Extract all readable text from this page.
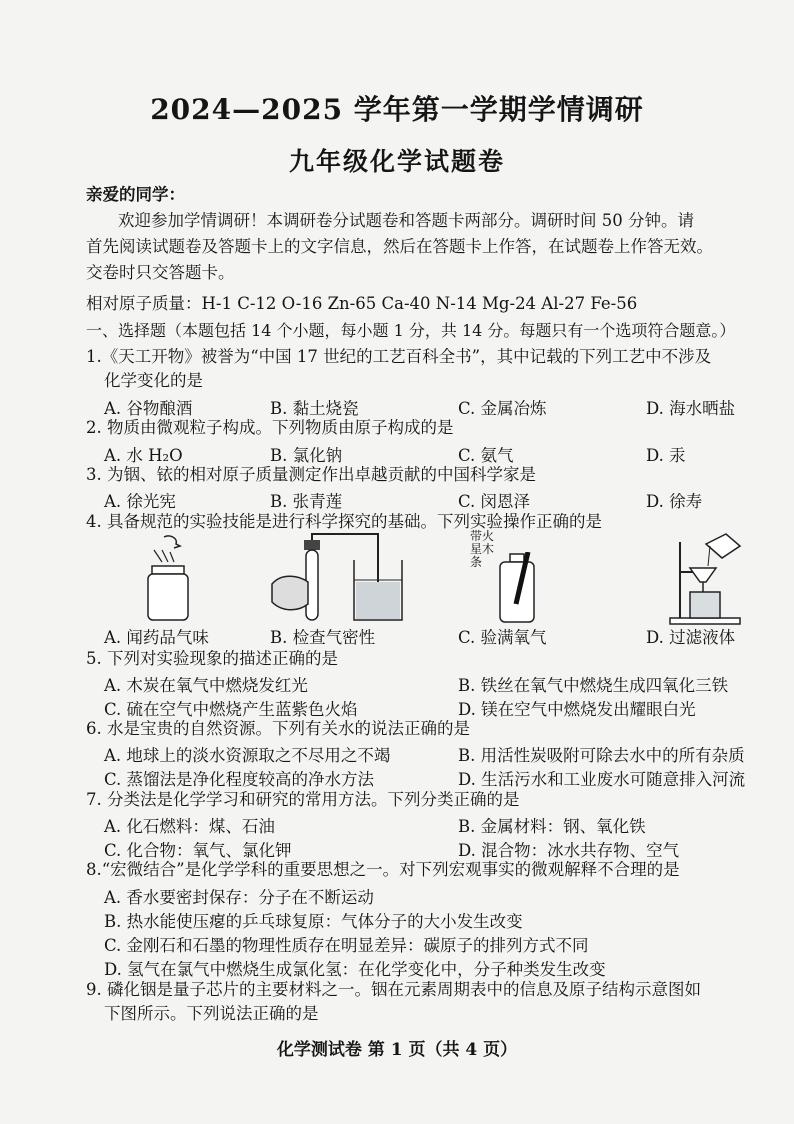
2024—2025 学年第一学期学情调研
九年级化学试题卷
亲爱的同学：
欢迎参加学情调研！本调研卷分试题卷和答题卡两部分。调研时间 50 分钟。请
首先阅读试题卷及答题卡上的文字信息，然后在答题卡上作答，在试题卷上作答无效。
交卷时只交答题卡。
相对原子质量：H-1 C-12 O-16 Zn-65 Ca-40 N-14 Mg-24 Al-27 Fe-56
一、选择题（本题包括 14 个小题，每小题 1 分，共 14 分。每题只有一个选项符合题意。）
1.《天工开物》被誉为“中国 17 世纪的工艺百科全书”，其中记载的下列工艺中不涉及
化学变化的是
A. 谷物酿酒	B. 黏土烧瓷	C. 金属冶炼	D. 海水晒盐
2. 物质由微观粒子构成。下列物质由原子构成的是
A. 水 H₂O	B. 氯化钠	C. 氨气	D. 汞
3. 为铟、铱的相对原子质量测定作出卓越贡献的中国科学家是
A. 徐光宪	B. 张青莲	C. 闵恩泽	D. 徐寿
4. 具备规范的实验技能是进行科学探究的基础。下列实验操作正确的是
带火星木条
A. 闻药品气味	B. 检查气密性	C. 验满氧气	D. 过滤液体
5. 下列对实验现象的描述正确的是
A. 木炭在氧气中燃烧发红光	B. 铁丝在氧气中燃烧生成四氧化三铁
C. 硫在空气中燃烧产生蓝紫色火焰	D. 镁在空气中燃烧发出耀眼白光
6. 水是宝贵的自然资源。下列有关水的说法正确的是
A. 地球上的淡水资源取之不尽用之不竭	B. 用活性炭吸附可除去水中的所有杂质
C. 蒸馏法是净化程度较高的净水方法	D. 生活污水和工业废水可随意排入河流
7. 分类法是化学学习和研究的常用方法。下列分类正确的是
A. 化石燃料：煤、石油	B. 金属材料：钢、氧化铁
C. 化合物：氧气、氯化钾	D. 混合物：冰水共存物、空气
8.“宏微结合”是化学学科的重要思想之一。对下列宏观事实的微观解释不合理的是
A. 香水要密封保存：分子在不断运动
B. 热水能使压瘪的乒乓球复原：气体分子的大小发生改变
C. 金刚石和石墨的物理性质存在明显差异：碳原子的排列方式不同
D. 氢气在氯气中燃烧生成氯化氢：在化学变化中，分子种类发生改变
9. 磷化铟是量子芯片的主要材料之一。铟在元素周期表中的信息及原子结构示意图如
下图所示。下列说法正确的是
化学测试卷 第 1 页（共 4 页）
